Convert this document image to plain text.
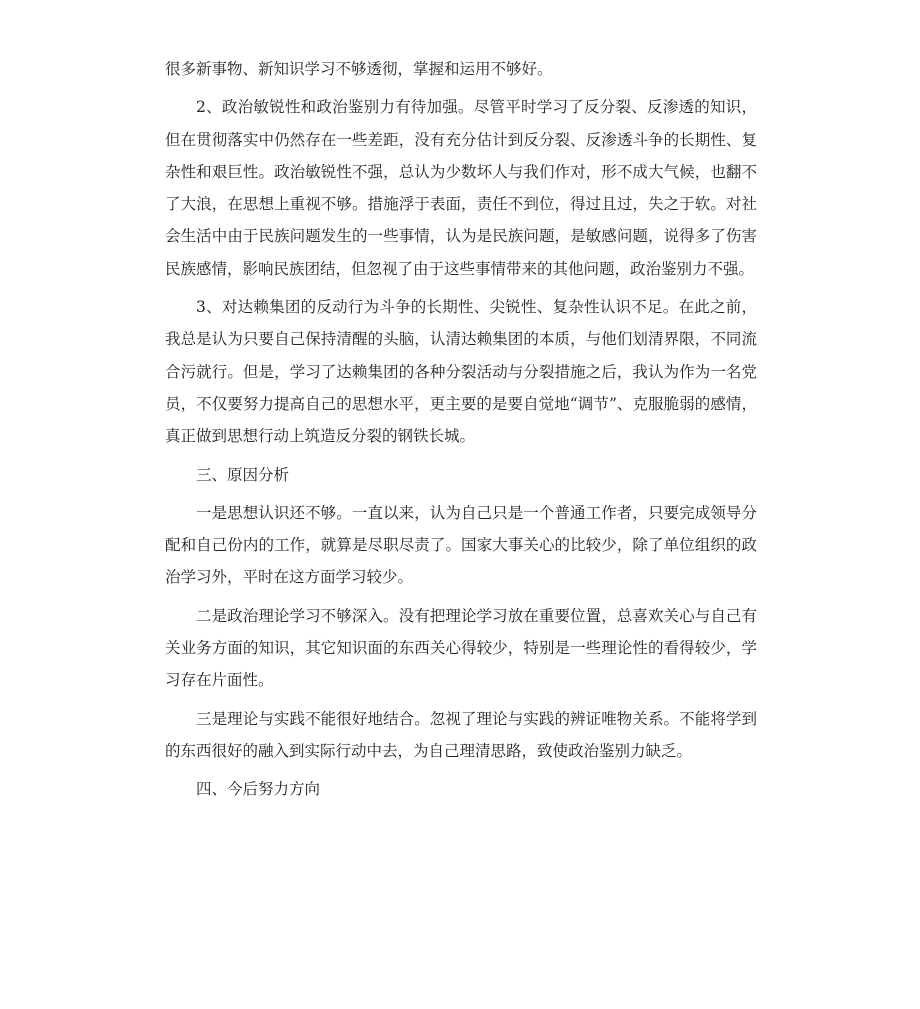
很多新事物、新知识学习不够透彻，掌握和运用不够好。

2、政治敏锐性和政治鉴别力有待加强。尽管平时学习了反分裂、反渗透的知识，但在贯彻落实中仍然存在一些差距，没有充分估计到反分裂、反渗透斗争的长期性、复杂性和艰巨性。政治敏锐性不强，总认为少数坏人与我们作对，形不成大气候，也翻不了大浪，在思想上重视不够。措施浮于表面，责任不到位，得过且过，失之于软。对社会生活中由于民族问题发生的一些事情，认为是民族问题，是敏感问题，说得多了伤害民族感情，影响民族团结，但忽视了由于这些事情带来的其他问题，政治鉴别力不强。

3、对达赖集团的反动行为斗争的长期性、尖锐性、复杂性认识不足。在此之前，我总是认为只要自己保持清醒的头脑，认清达赖集团的本质，与他们划清界限，不同流合污就行。但是，学习了达赖集团的各种分裂活动与分裂措施之后，我认为作为一名党员，不仅要努力提高自己的思想水平，更主要的是要自觉地“调节”、克服脆弱的感情，真正做到思想行动上筑造反分裂的钢铁长城。

三、原因分析

一是思想认识还不够。一直以来，认为自己只是一个普通工作者，只要完成领导分配和自己份内的工作，就算是尽职尽责了。国家大事关心的比较少，除了单位组织的政治学习外，平时在这方面学习较少。

二是政治理论学习不够深入。没有把理论学习放在重要位置，总喜欢关心与自己有关业务方面的知识，其它知识面的东西关心得较少，特别是一些理论性的看得较少，学习存在片面性。

三是理论与实践不能很好地结合。忽视了理论与实践的辨证唯物关系。不能将学到的东西很好的融入到实际行动中去，为自己理清思路，致使政治鉴别力缺乏。

四、今后努力方向
